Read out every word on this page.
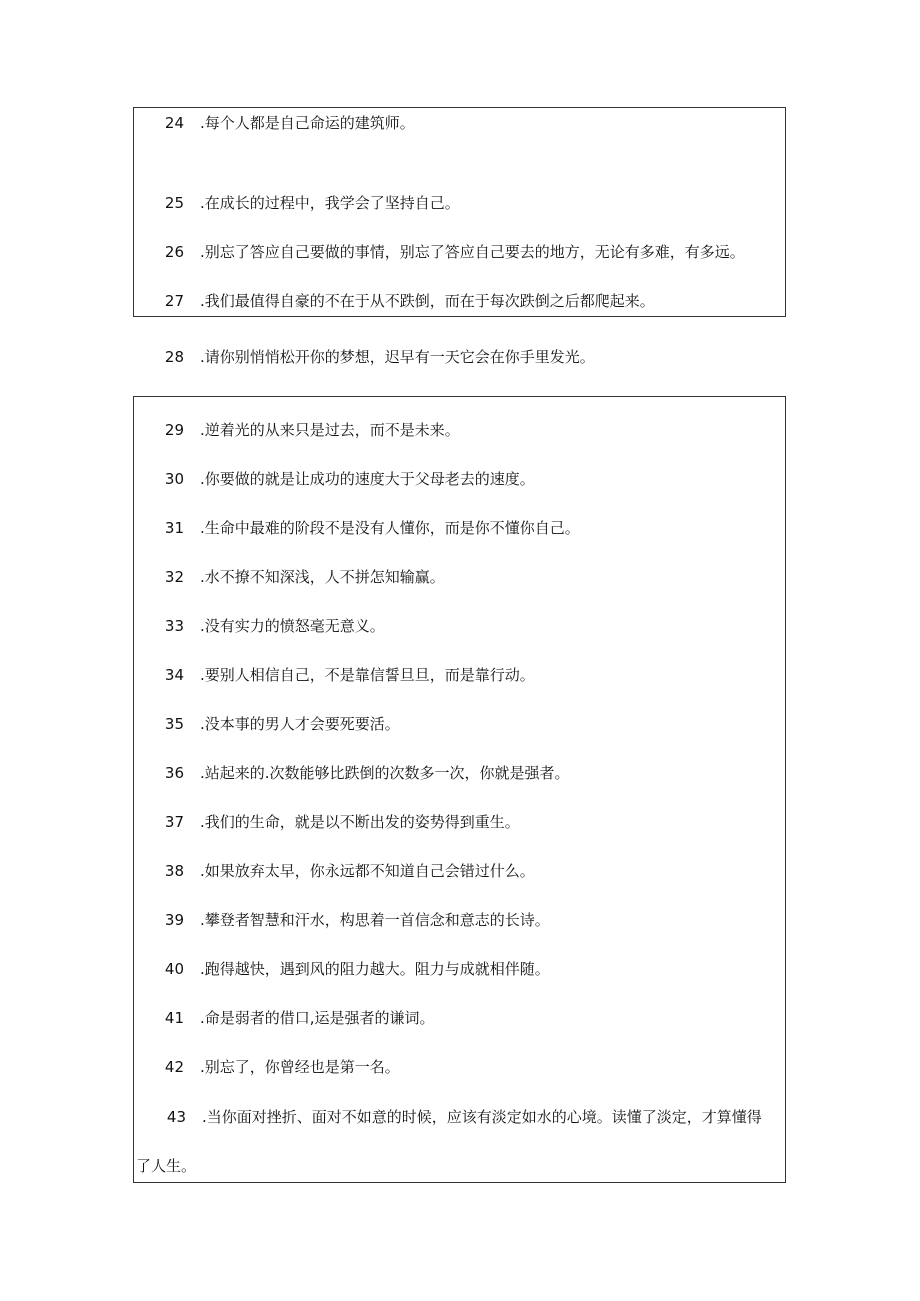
24 .每个人都是自己命运的建筑师。
25 .在成长的过程中，我学会了坚持自己。
26 .别忘了答应自己要做的事情，别忘了答应自己要去的地方，无论有多难，有多远。
27 .我们最值得自豪的不在于从不跌倒，而在于每次跌倒之后都爬起来。
28 .请你别悄悄松开你的梦想，迟早有一天它会在你手里发光。
29 .逆着光的从来只是过去，而不是未来。
30 .你要做的就是让成功的速度大于父母老去的速度。
31 .生命中最难的阶段不是没有人懂你，而是你不懂你自己。
32 .水不撩不知深浅，人不拼怎知输赢。
33 .没有实力的愤怒毫无意义。
34 .要别人相信自己，不是靠信誓旦旦，而是靠行动。
35 .没本事的男人才会要死要活。
36 .站起来的.次数能够比跌倒的次数多一次，你就是强者。
37 .我们的生命，就是以不断出发的姿势得到重生。
38 .如果放弃太早，你永远都不知道自己会错过什么。
39 .攀登者智慧和汗水，构思着一首信念和意志的长诗。
40 .跑得越快，遇到风的阻力越大。阻力与成就相伴随。
41 .命是弱者的借口,运是强者的谦词。
42 .别忘了，你曾经也是第一名。
43 .当你面对挫折、面对不如意的时候，应该有淡定如水的心境。读懂了淡定，才算懂得
了人生。
